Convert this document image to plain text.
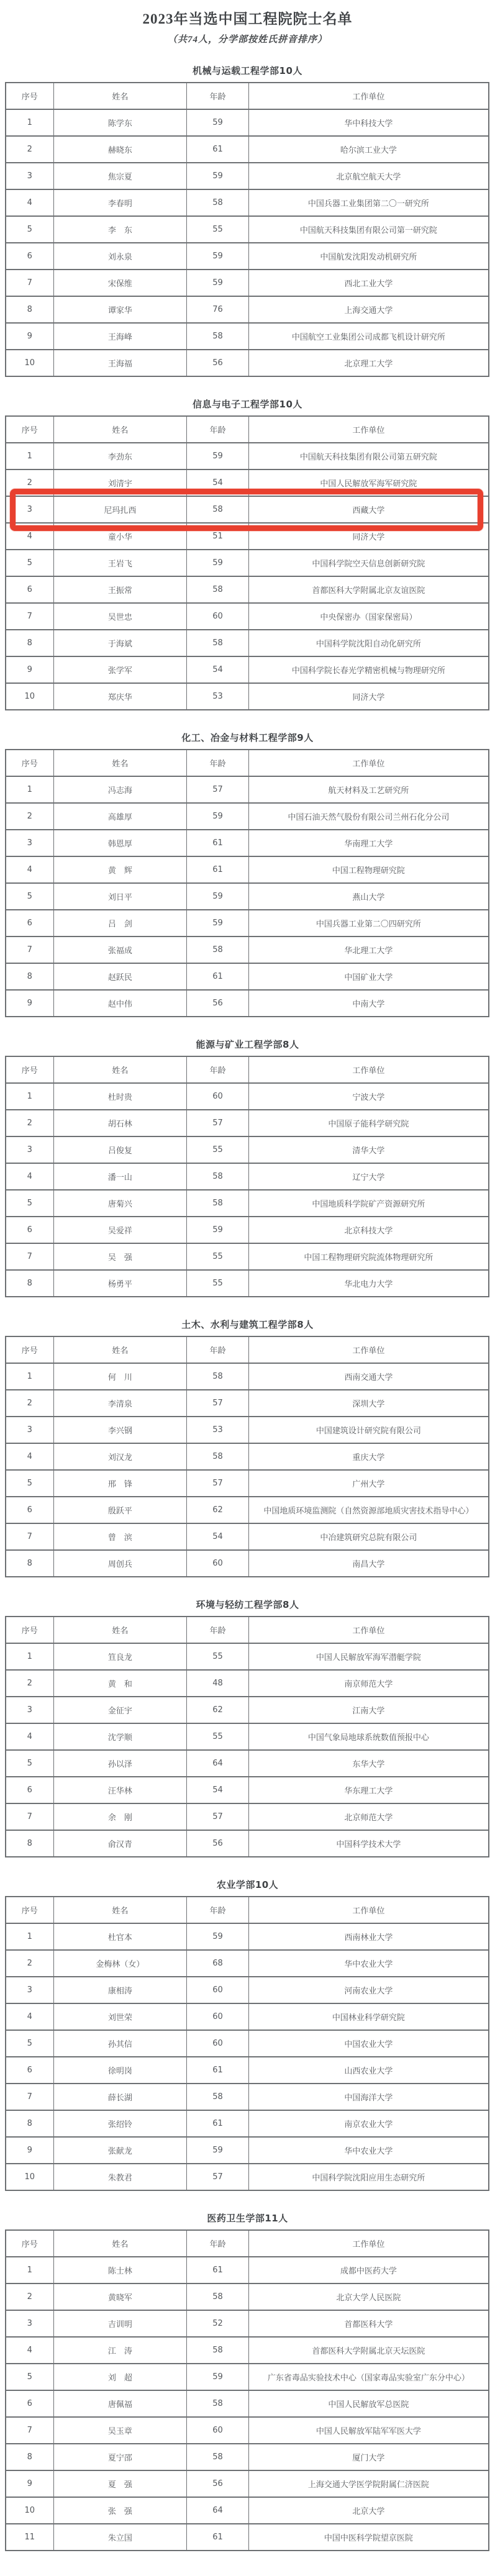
2023年当选中国工程院院士名单
（共74人，分学部按姓氏拼音排序）
机械与运载工程学部10人
序号	姓名	年龄	工作单位
1	陈学东	59	华中科技大学
2	赫晓东	61	哈尔滨工业大学
3	焦宗夏	59	北京航空航天大学
4	李春明	58	中国兵器工业集团第二〇一研究所
5	李　东	55	中国航天科技集团有限公司第一研究院
6	刘永泉	59	中国航发沈阳发动机研究所
7	宋保维	59	西北工业大学
8	谭家华	76	上海交通大学
9	王海峰	58	中国航空工业集团公司成都飞机设计研究所
10	王海福	56	北京理工大学
信息与电子工程学部10人
序号	姓名	年龄	工作单位
1	李劲东	59	中国航天科技集团有限公司第五研究院
2	刘清宇	54	中国人民解放军海军研究院
3	尼玛扎西	58	西藏大学
4	童小华	51	同济大学
5	王岩飞	59	中国科学院空天信息创新研究院
6	王振常	58	首都医科大学附属北京友谊医院
7	吴世忠	60	中央保密办（国家保密局）
8	于海斌	58	中国科学院沈阳自动化研究所
9	张学军	54	中国科学院长春光学精密机械与物理研究所
10	郑庆华	53	同济大学
化工、冶金与材料工程学部9人
序号	姓名	年龄	工作单位
1	冯志海	57	航天材料及工艺研究所
2	高雄厚	59	中国石油天然气股份有限公司兰州石化分公司
3	韩恩厚	61	华南理工大学
4	黄　辉	61	中国工程物理研究院
5	刘日平	59	燕山大学
6	吕　剑	59	中国兵器工业第二〇四研究所
7	张福成	58	华北理工大学
8	赵跃民	61	中国矿业大学
9	赵中伟	56	中南大学
能源与矿业工程学部8人
序号	姓名	年龄	工作单位
1	杜时贵	60	宁波大学
2	胡石林	57	中国原子能科学研究院
3	吕俊复	55	清华大学
4	潘一山	58	辽宁大学
5	唐菊兴	58	中国地质科学院矿产资源研究所
6	吴爱祥	59	北京科技大学
7	吴　强	55	中国工程物理研究院流体物理研究所
8	杨勇平	55	华北电力大学
土木、水利与建筑工程学部8人
序号	姓名	年龄	工作单位
1	何　川	58	西南交通大学
2	李清泉	57	深圳大学
3	李兴钢	53	中国建筑设计研究院有限公司
4	刘汉龙	58	重庆大学
5	邢　锋	57	广州大学
6	殷跃平	62	中国地质环境监测院（自然资源部地质灾害技术指导中心）
7	曾　滨	54	中冶建筑研究总院有限公司
8	周创兵	60	南昌大学
环境与轻纺工程学部8人
序号	姓名	年龄	工作单位
1	笪良龙	55	中国人民解放军海军潜艇学院
2	黄　和	48	南京师范大学
3	金征宇	62	江南大学
4	沈学顺	55	中国气象局地球系统数值预报中心
5	孙以泽	64	东华大学
6	汪华林	54	华东理工大学
7	余　刚	57	北京师范大学
8	俞汉青	56	中国科学技术大学
农业学部10人
序号	姓名	年龄	工作单位
1	杜官本	59	西南林业大学
2	金梅林（女）	68	华中农业大学
3	康相涛	60	河南农业大学
4	刘世荣	60	中国林业科学研究院
5	孙其信	60	中国农业大学
6	徐明岗	61	山西农业大学
7	薛长湖	58	中国海洋大学
8	张绍铃	61	南京农业大学
9	张献龙	59	华中农业大学
10	朱教君	57	中国科学院沈阳应用生态研究所
医药卫生学部11人
序号	姓名	年龄	工作单位
1	陈士林	61	成都中医药大学
2	黄晓军	58	北京大学人民医院
3	吉训明	52	首都医科大学
4	江　涛	58	首都医科大学附属北京天坛医院
5	刘　超	59	广东省毒品实验技术中心（国家毒品实验室广东分中心）
6	唐佩福	58	中国人民解放军总医院
7	吴玉章	60	中国人民解放军陆军军医大学
8	夏宁邵	58	厦门大学
9	夏　强	56	上海交通大学医学院附属仁济医院
10	张　强	64	北京大学
11	朱立国	61	中国中医科学院望京医院
